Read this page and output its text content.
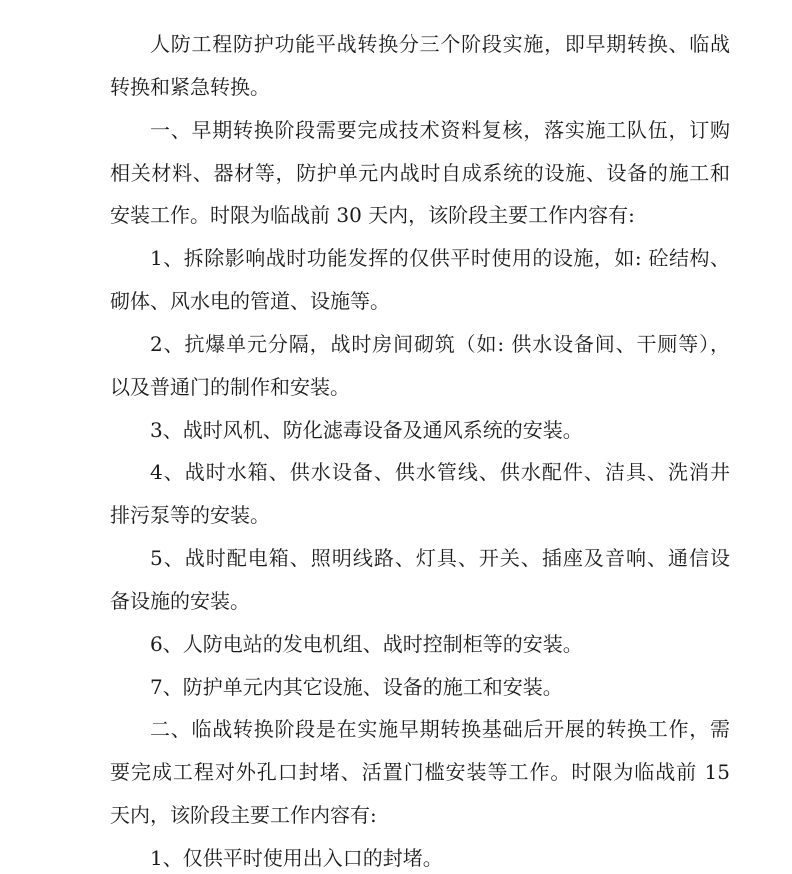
人防工程防护功能平战转换分三个阶段实施，即早期转换、临战
转换和紧急转换。
一、早期转换阶段需要完成技术资料复核，落实施工队伍，订购
相关材料、器材等，防护单元内战时自成系统的设施、设备的施工和
安装工作。时限为临战前 30 天内，该阶段主要工作内容有:
1、拆除影响战时功能发挥的仅供平时使用的设施，如: 砼结构、
砌体、风水电的管道、设施等。
2、抗爆单元分隔，战时房间砌筑（如: 供水设备间、干厕等），
以及普通门的制作和安装。
3、战时风机、防化滤毒设备及通风系统的安装。
4、战时水箱、供水设备、供水管线、供水配件、洁具、洗消井
排污泵等的安装。
5、战时配电箱、照明线路、灯具、开关、插座及音响、通信设
备设施的安装。
6、人防电站的发电机组、战时控制柜等的安装。
7、防护单元内其它设施、设备的施工和安装。
二、临战转换阶段是在实施早期转换基础后开展的转换工作，需
要完成工程对外孔口封堵、活置门槛安装等工作。时限为临战前 15
天内，该阶段主要工作内容有:
1、仅供平时使用出入口的封堵。
